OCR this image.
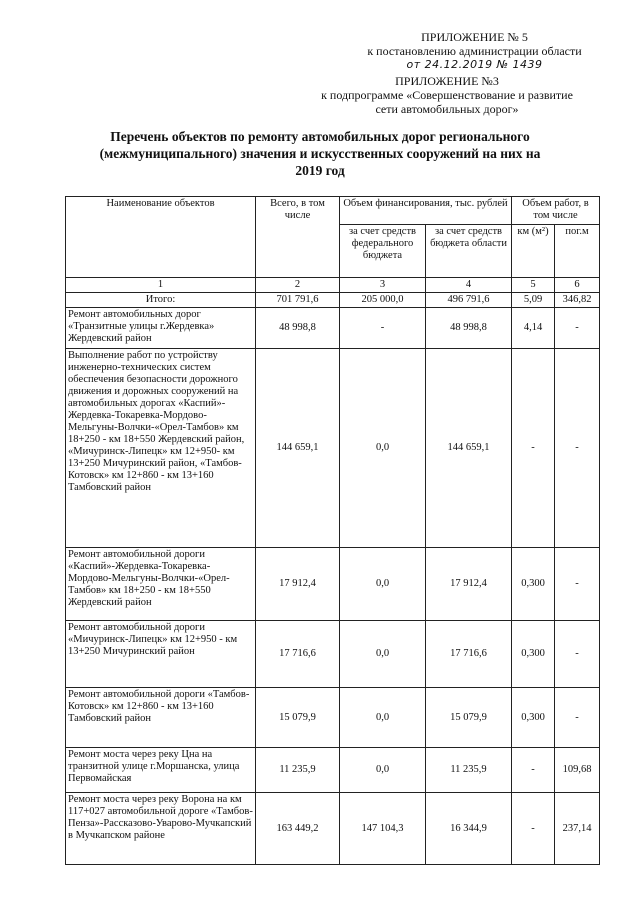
ПРИЛОЖЕНИЕ № 5
к постановлению администрации области
от 24.12.2019 № 1439
ПРИЛОЖЕНИЕ №3
к подпрограмме «Совершенствование и развитие
сети автомобильных дорог»
Перечень объектов по ремонту автомобильных дорог регионального
(межмуниципального) значения и искусственных сооружений на них на
2019 год
Наименование объектов	Всего, в том числе	Объем финансирования, тыс. рублей		Объем работ, в том числе	
		за счет средств федерального бюджета	за счет средств бюджета области	км (м²)	пог.м
1	2	3	4	5	6
Итого:	701 791,6	205 000,0	496 791,6	5,09	346,82
Ремонт автомобильных дорог «Транзитные улицы г.Жердевка» Жердевский район	48 998,8	-	48 998,8	4,14	-
Выполнение работ по устройству инженерно-технических систем обеспечения безопасности дорожного движения и дорожных сооружений на автомобильных дорогах «Каспий»-Жердевка-Токаревка-Мордово-Мельгуны-Волчки-«Орел-Тамбов» км 18+250 - км 18+550 Жердевский район, «Мичуринск-Липецк» км 12+950- км 13+250 Мичуринский район, «Тамбов-Котовск» км 12+860 - км 13+160 Тамбовский район	144 659,1	0,0	144 659,1	-	-
Ремонт автомобильной дороги «Каспий»-Жердевка-Токаревка-Мордово-Мельгуны-Волчки-«Орел-Тамбов» км 18+250 - км 18+550 Жердевский район	17 912,4	0,0	17 912,4	0,300	-
Ремонт автомобильной дороги «Мичуринск-Липецк» км 12+950 - км 13+250 Мичуринский район	17 716,6	0,0	17 716,6	0,300	-
Ремонт автомобильной дороги «Тамбов-Котовск» км 12+860 - км 13+160 Тамбовский район	15 079,9	0,0	15 079,9	0,300	-
Ремонт моста через реку Цна на транзитной улице г.Моршанска, улица Первомайская	11 235,9	0,0	11 235,9	-	109,68
Ремонт моста через реку Ворона на км 117+027 автомобильной дороге «Тамбов-Пенза»-Рассказово-Уварово-Мучкапский в Мучкапском районе	163 449,2	147 104,3	16 344,9	-	237,14
